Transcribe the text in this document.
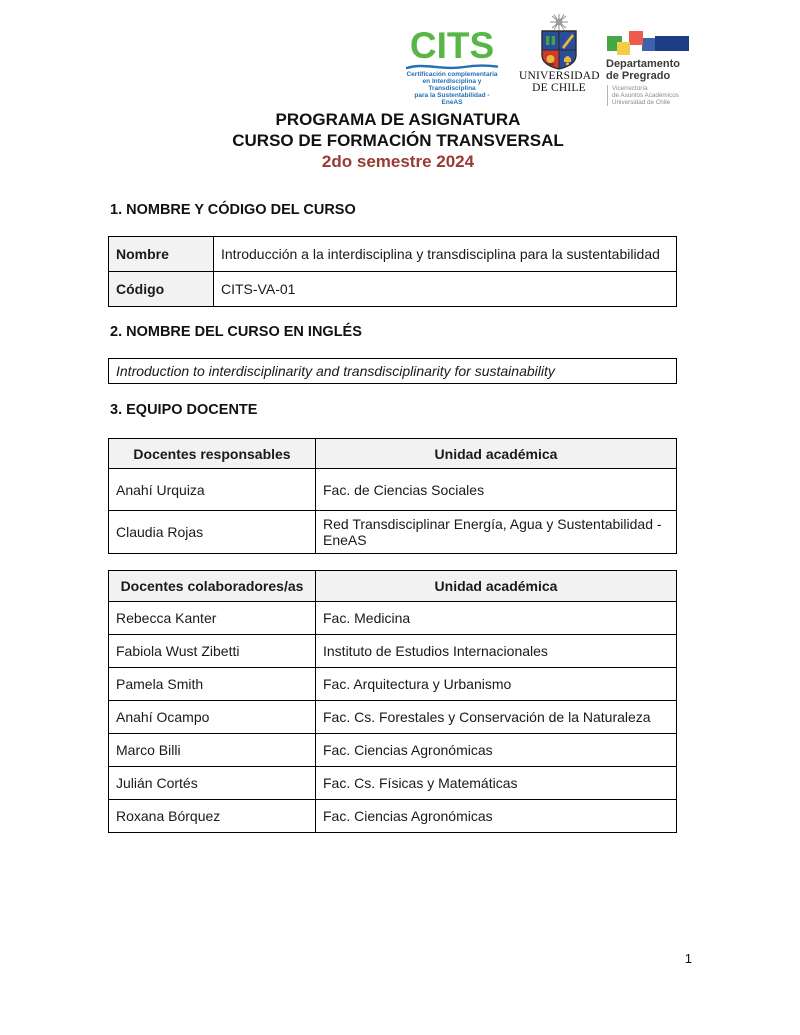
CITS
Certificación complementaria
en Interdisciplina y Transdisciplina
para la Sustentabilidad - EneAS
UNIVERSIDAD
DE CHILE
Departamento
de Pregrado
Vicerrectoría
de Asuntos Académicos
Universidad de Chile
PROGRAMA DE ASIGNATURA
CURSO DE FORMACIÓN TRANSVERSAL
2do semestre 2024
1. NOMBRE Y CÓDIGO DEL CURSO
Nombre	Introducción a la interdisciplina y transdisciplina para la sustentabilidad
Código	CITS-VA-01
2. NOMBRE DEL CURSO EN INGLÉS
Introduction to interdisciplinarity and transdisciplinarity for sustainability
3. EQUIPO DOCENTE
Docentes responsables	Unidad académica
Anahí Urquiza	Fac. de Ciencias Sociales
Claudia Rojas	Red Transdisciplinar Energía, Agua y Sustentabilidad - EneAS
Docentes colaboradores/as	Unidad académica
Rebecca Kanter	Fac. Medicina
Fabiola Wust Zibetti	Instituto de Estudios Internacionales
Pamela Smith	Fac. Arquitectura y Urbanismo
Anahí Ocampo	Fac. Cs. Forestales y Conservación de la Naturaleza
Marco Billi	Fac. Ciencias Agronómicas
Julián Cortés	Fac. Cs. Físicas y Matemáticas
Roxana Bórquez	Fac. Ciencias Agronómicas
1
